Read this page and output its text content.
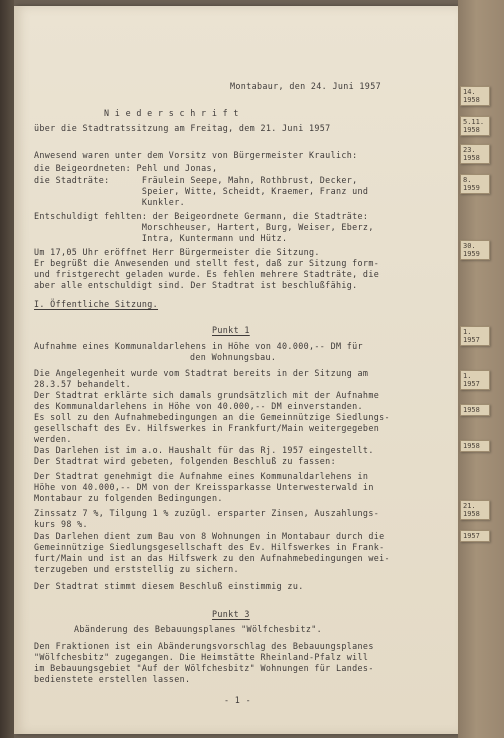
Montabaur, den 24. Juni 1957

N i e d e r s c h r i f t

über die Stadtratssitzung am Freitag, dem 21. Juni 1957

Anwesend waren unter dem Vorsitz von Bürgermeister Kraulich:

die Beigeordneten: Pehl und Jonas,

die Stadträte:      Fräulein Seepe, Mahn, Rothbrust, Decker,

Speier, Witte, Scheidt, Kraemer, Franz und

Kunkler.

Entschuldigt fehlten: der Beigeordnete Germann, die Stadträte:

Morschheuser, Hartert, Burg, Weiser, Eberz,

Intra, Kuntermann und Hütz.

Um 17,05 Uhr eröffnet Herr Bürgermeister die Sitzung.

Er begrüßt die Anwesenden und stellt fest, daß zur Sitzung form-

und fristgerecht geladen wurde. Es fehlen mehrere Stadträte, die

aber alle entschuldigt sind. Der Stadtrat ist beschlußfähig.

I. Öffentliche Sitzung.

Punkt 1

Aufnahme eines Kommunaldarlehens in Höhe von 40.000,-- DM für

den Wohnungsbau.

Die Angelegenheit wurde vom Stadtrat bereits in der Sitzung am

28.3.57 behandelt.

Der Stadtrat erklärte sich damals grundsätzlich mit der Aufnahme

des Kommunaldarlehens in Höhe von 40.000,-- DM einverstanden.

Es soll zu den Aufnahmebedingungen an die Gemeinnützige Siedlungs-

gesellschaft des Ev. Hilfswerkes in Frankfurt/Main weitergegeben

werden.

Das Darlehen ist im a.o. Haushalt für das Rj. 1957 eingestellt.

Der Stadtrat wird gebeten, folgenden Beschluß zu fassen:

Der Stadtrat genehmigt die Aufnahme eines Kommunaldarlehens in

Höhe von 40.000,-- DM von der Kreissparkasse Unterwesterwald in

Montabaur zu folgenden Bedingungen.

Zinssatz 7 %, Tilgung 1 % zuzügl. ersparter Zinsen, Auszahlungs-

kurs 98 %.

Das Darlehen dient zum Bau von 8 Wohnungen in Montabaur durch die

Gemeinnützige Siedlungsgesellschaft des Ev. Hilfswerkes in Frank-

furt/Main und ist an das Hilfswerk zu den Aufnahmebedingungen wei-

terzugeben und erststellig zu sichern.

Der Stadtrat stimmt diesem Beschluß einstimmig zu.

Punkt 3

Abänderung des Bebauungsplanes "Wölfchesbitz".

Den Fraktionen ist ein Abänderungsvorschlag des Bebauungsplanes

"Wölfchesbitz" zugegangen. Die Heimstätte Rheinland-Pfalz will

im Bebauungsgebiet "Auf der Wölfchesbitz" Wohnungen für Landes-

bedienstete erstellen lassen.

- 1 -

14.
1958
5.11.
1958
23.
1958
8.
1959
30.
1959
1.
1957
1.
1957
1958
1958
21.
1958
1957
